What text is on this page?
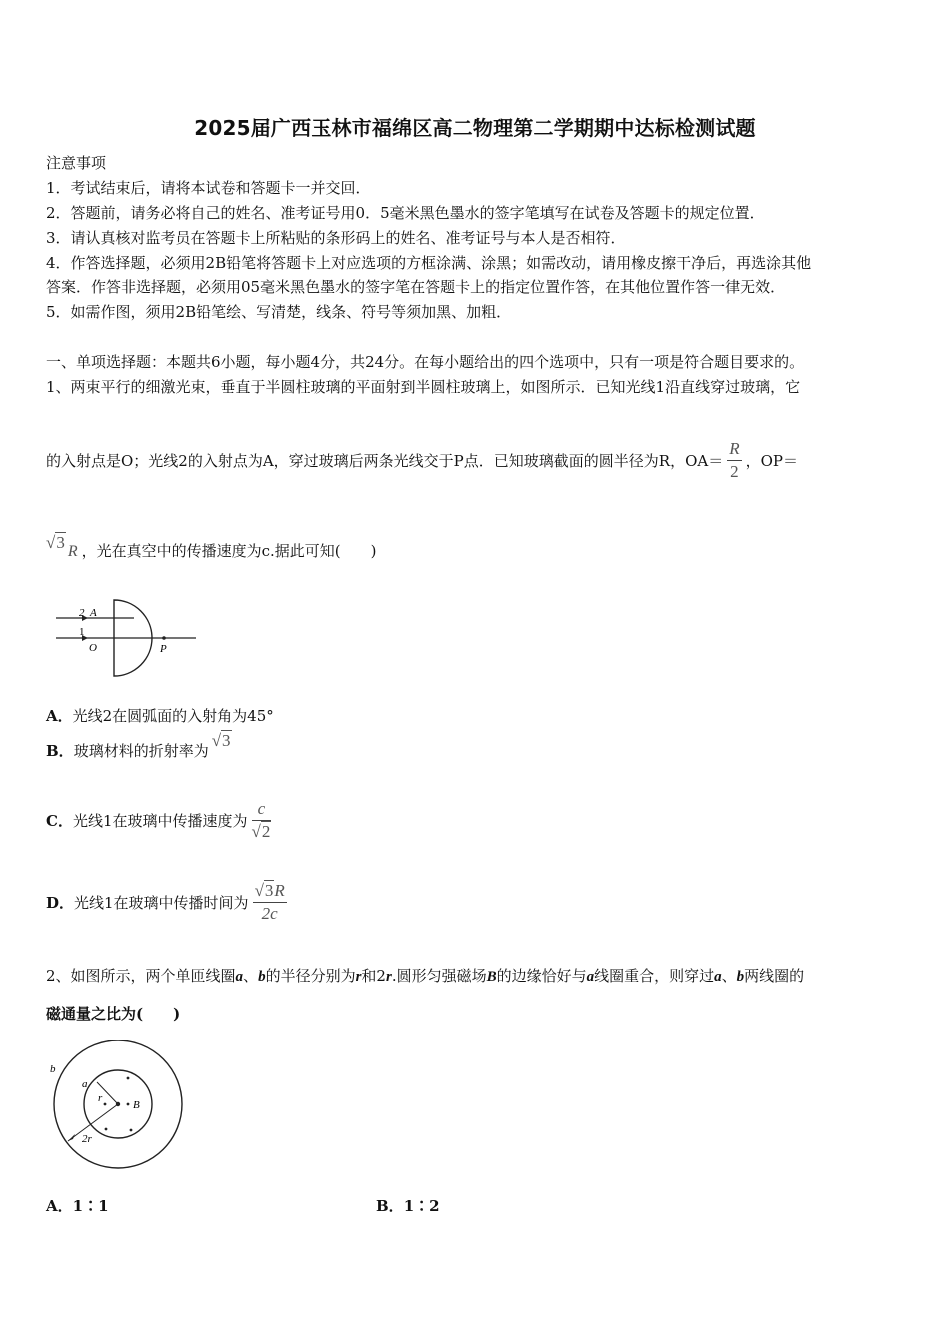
2025届广西玉林市福绵区高二物理第二学期期中达标检测试题
注意事项
1．考试结束后，请将本试卷和答题卡一并交回．
2．答题前，请务必将自己的姓名、准考证号用0．5毫米黑色墨水的签字笔填写在试卷及答题卡的规定位置．
3．请认真核对监考员在答题卡上所粘贴的条形码上的姓名、准考证号与本人是否相符．
4．作答选择题，必须用2B铅笔将答题卡上对应选项的方框涂满、涂黑；如需改动，请用橡皮擦干净后，再选涂其他
答案．作答非选择题，必须用05毫米黑色墨水的签字笔在答题卡上的指定位置作答，在其他位置作答一律无效．
5．如需作图，须用2B铅笔绘、写清楚，线条、符号等须加黑、加粗．
一、单项选择题：本题共6小题，每小题4分，共24分。在每小题给出的四个选项中，只有一项是符合题目要求的。
1、两束平行的细激光束，垂直于半圆柱玻璃的平面射到半圆柱玻璃上，如图所示．已知光线1沿直线穿过玻璃，它
的入射点是O；光线2的入射点为A，穿过玻璃后两条光线交于P点．已知玻璃截面的圆半径为R，$OA= \frac{R}{2}$ ，OP＝
√3 R ，光在真空中的传播速度为c.据此可知(　　)
2 A
1
O	P
A．光线2在圆弧面的入射角为45°
B． 玻璃材料的折射率为
√3
C． 光线1在玻璃中传播速度为 $\frac{c}{√2}$
D． 光线1在玻璃中传播时间为 $\frac{√3R}{2c}$
2、如图所示，两个单匝线圈a、b的半径分别为r和2r.圆形匀强磁场B的边缘恰好与a线圈重合，则穿过a、b两线圈的
磁通量之比为(　　)
b
a
r
B
2r
A．1∶1	B．1∶2
